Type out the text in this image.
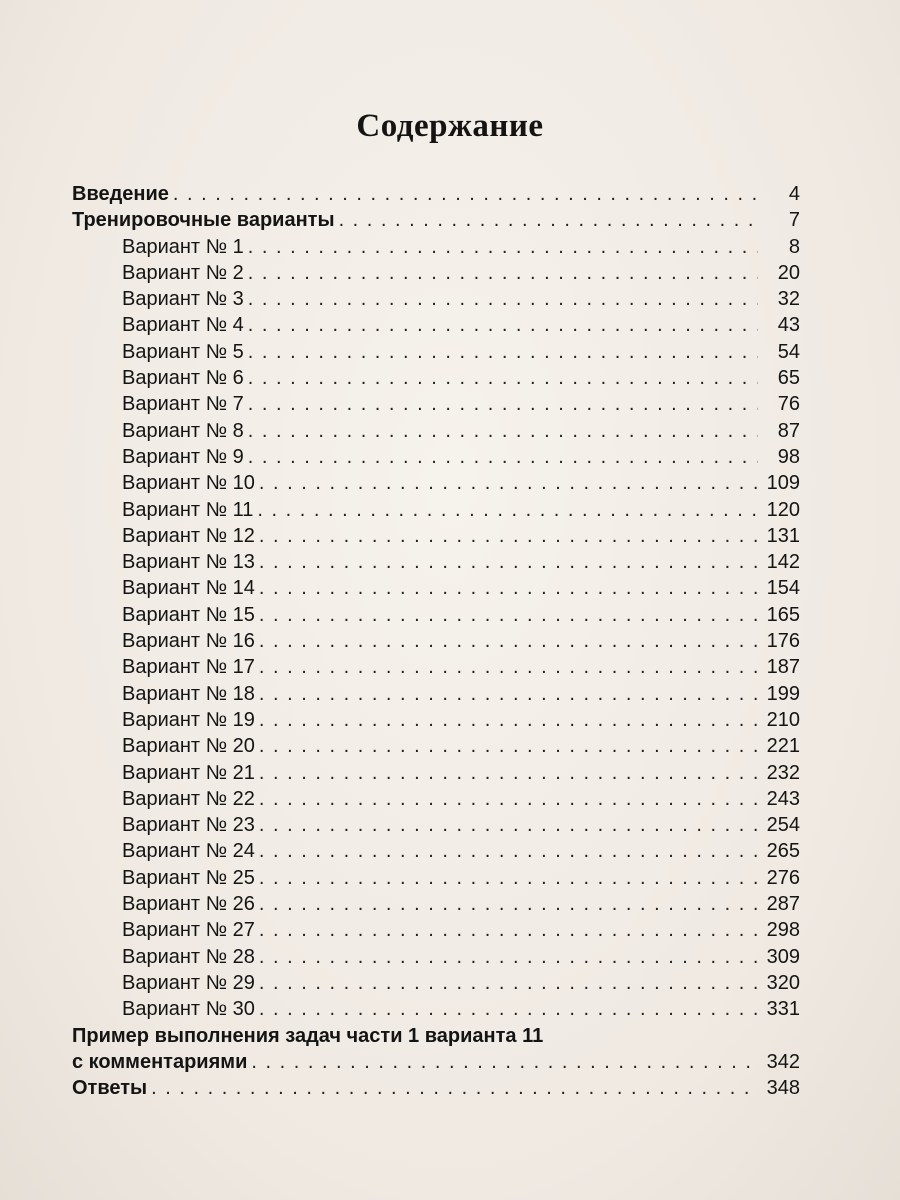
Содержание
Введение . . .	4
Тренировочные варианты . . .	7
Вариант № 1 . . .	8
Вариант № 2 . . .	20
Вариант № 3 . . .	32
Вариант № 4 . . .	43
Вариант № 5 . . .	54
Вариант № 6 . . .	65
Вариант № 7 . . .	76
Вариант № 8 . . .	87
Вариант № 9 . . .	98
Вариант № 10 . . .	109
Вариант № 11 . . .	120
Вариант № 12 . . .	131
Вариант № 13 . . .	142
Вариант № 14 . . .	154
Вариант № 15 . . .	165
Вариант № 16 . . .	176
Вариант № 17 . . .	187
Вариант № 18 . . .	199
Вариант № 19 . . .	210
Вариант № 20 . . .	221
Вариант № 21 . . .	232
Вариант № 22 . . .	243
Вариант № 23 . . .	254
Вариант № 24 . . .	265
Вариант № 25 . . .	276
Вариант № 26 . . .	287
Вариант № 27 . . .	298
Вариант № 28 . . .	309
Вариант № 29 . . .	320
Вариант № 30 . . .	331
Пример выполнения задач части 1 варианта 11
с комментариями . . .	342
Ответы . . .	348
